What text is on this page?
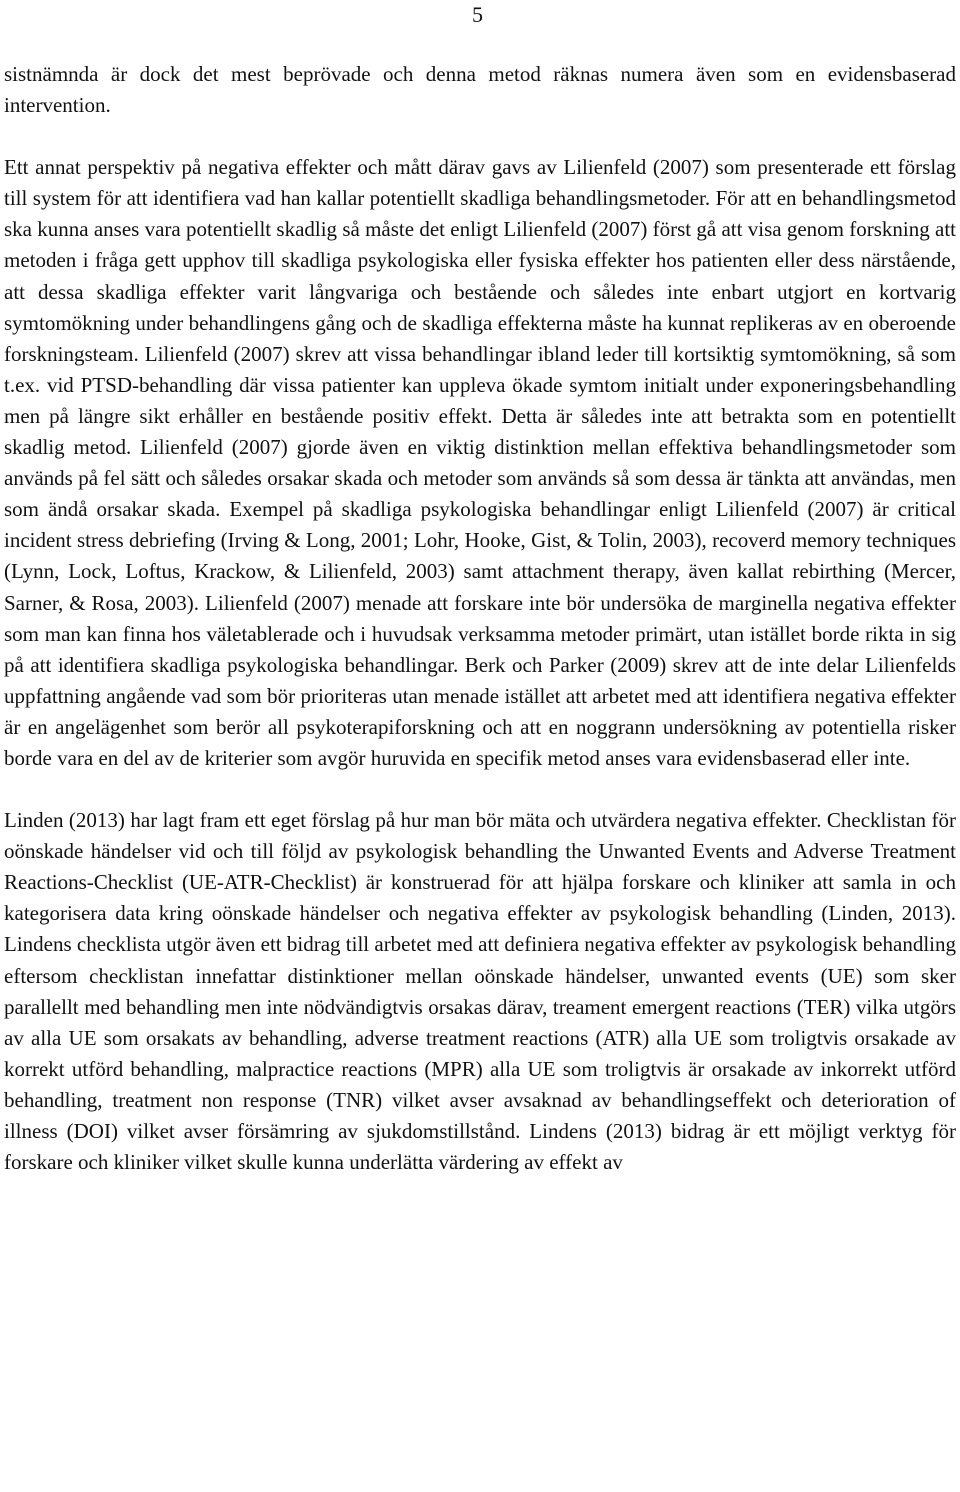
5

sistnämnda är dock det mest beprövade och denna metod räknas numera även som en evidensbaserad intervention.

Ett annat perspektiv på negativa effekter och mått därav gavs av Lilienfeld (2007) som presenterade ett förslag till system för att identifiera vad han kallar potentiellt skadliga behandlingsmetoder. För att en behandlingsmetod ska kunna anses vara potentiellt skadlig så måste det enligt Lilienfeld (2007) först gå att visa genom forskning att metoden i fråga gett upphov till skadliga psykologiska eller fysiska effekter hos patienten eller dess närstående, att dessa skadliga effekter varit långvariga och bestående och således inte enbart utgjort en kortvarig symtomökning under behandlingens gång och de skadliga effekterna måste ha kunnat replikeras av en oberoende forskningsteam. Lilienfeld (2007) skrev att vissa behandlingar ibland leder till kortsiktig symtomökning, så som t.ex. vid PTSD-behandling där vissa patienter kan uppleva ökade symtom initialt under exponeringsbehandling men på längre sikt erhåller en bestående positiv effekt. Detta är således inte att betrakta som en potentiellt skadlig metod. Lilienfeld (2007) gjorde även en viktig distinktion mellan effektiva behandlingsmetoder som används på fel sätt och således orsakar skada och metoder som används så som dessa är tänkta att användas, men som ändå orsakar skada. Exempel på skadliga psykologiska behandlingar enligt Lilienfeld (2007) är critical incident stress debriefing (Irving & Long, 2001; Lohr, Hooke, Gist, & Tolin, 2003), recoverd memory techniques (Lynn, Lock, Loftus, Krackow, & Lilienfeld, 2003) samt attachment therapy, även kallat rebirthing (Mercer, Sarner, & Rosa, 2003). Lilienfeld (2007) menade att forskare inte bör undersöka de marginella negativa effekter som man kan finna hos väletablerade och i huvudsak verksamma metoder primärt, utan istället borde rikta in sig på att identifiera skadliga psykologiska behandlingar. Berk och Parker (2009) skrev att de inte delar Lilienfelds uppfattning angående vad som bör prioriteras utan menade istället att arbetet med att identifiera negativa effekter är en angelägenhet som berör all psykoterapiforskning och att en noggrann undersökning av potentiella risker borde vara en del av de kriterier som avgör huruvida en specifik metod anses vara evidensbaserad eller inte.

Linden (2013) har lagt fram ett eget förslag på hur man bör mäta och utvärdera negativa effekter. Checklistan för oönskade händelser vid och till följd av psykologisk behandling the Unwanted Events and Adverse Treatment Reactions-Checklist (UE-ATR-Checklist) är konstruerad för att hjälpa forskare och kliniker att samla in och kategorisera data kring oönskade händelser och negativa effekter av psykologisk behandling (Linden, 2013). Lindens checklista utgör även ett bidrag till arbetet med att definiera negativa effekter av psykologisk behandling eftersom checklistan innefattar distinktioner mellan oönskade händelser, unwanted events (UE) som sker parallellt med behandling men inte nödvändigtvis orsakas därav, treament emergent reactions (TER) vilka utgörs av alla UE som orsakats av behandling, adverse treatment reactions (ATR) alla UE som troligtvis orsakade av korrekt utförd behandling, malpractice reactions (MPR) alla UE som troligtvis är orsakade av inkorrekt utförd behandling, treatment non response (TNR) vilket avser avsaknad av behandlingseffekt och deterioration of illness (DOI) vilket avser försämring av sjukdomstillstånd. Lindens (2013) bidrag är ett möjligt verktyg för forskare och kliniker vilket skulle kunna underlätta värdering av effekt av
